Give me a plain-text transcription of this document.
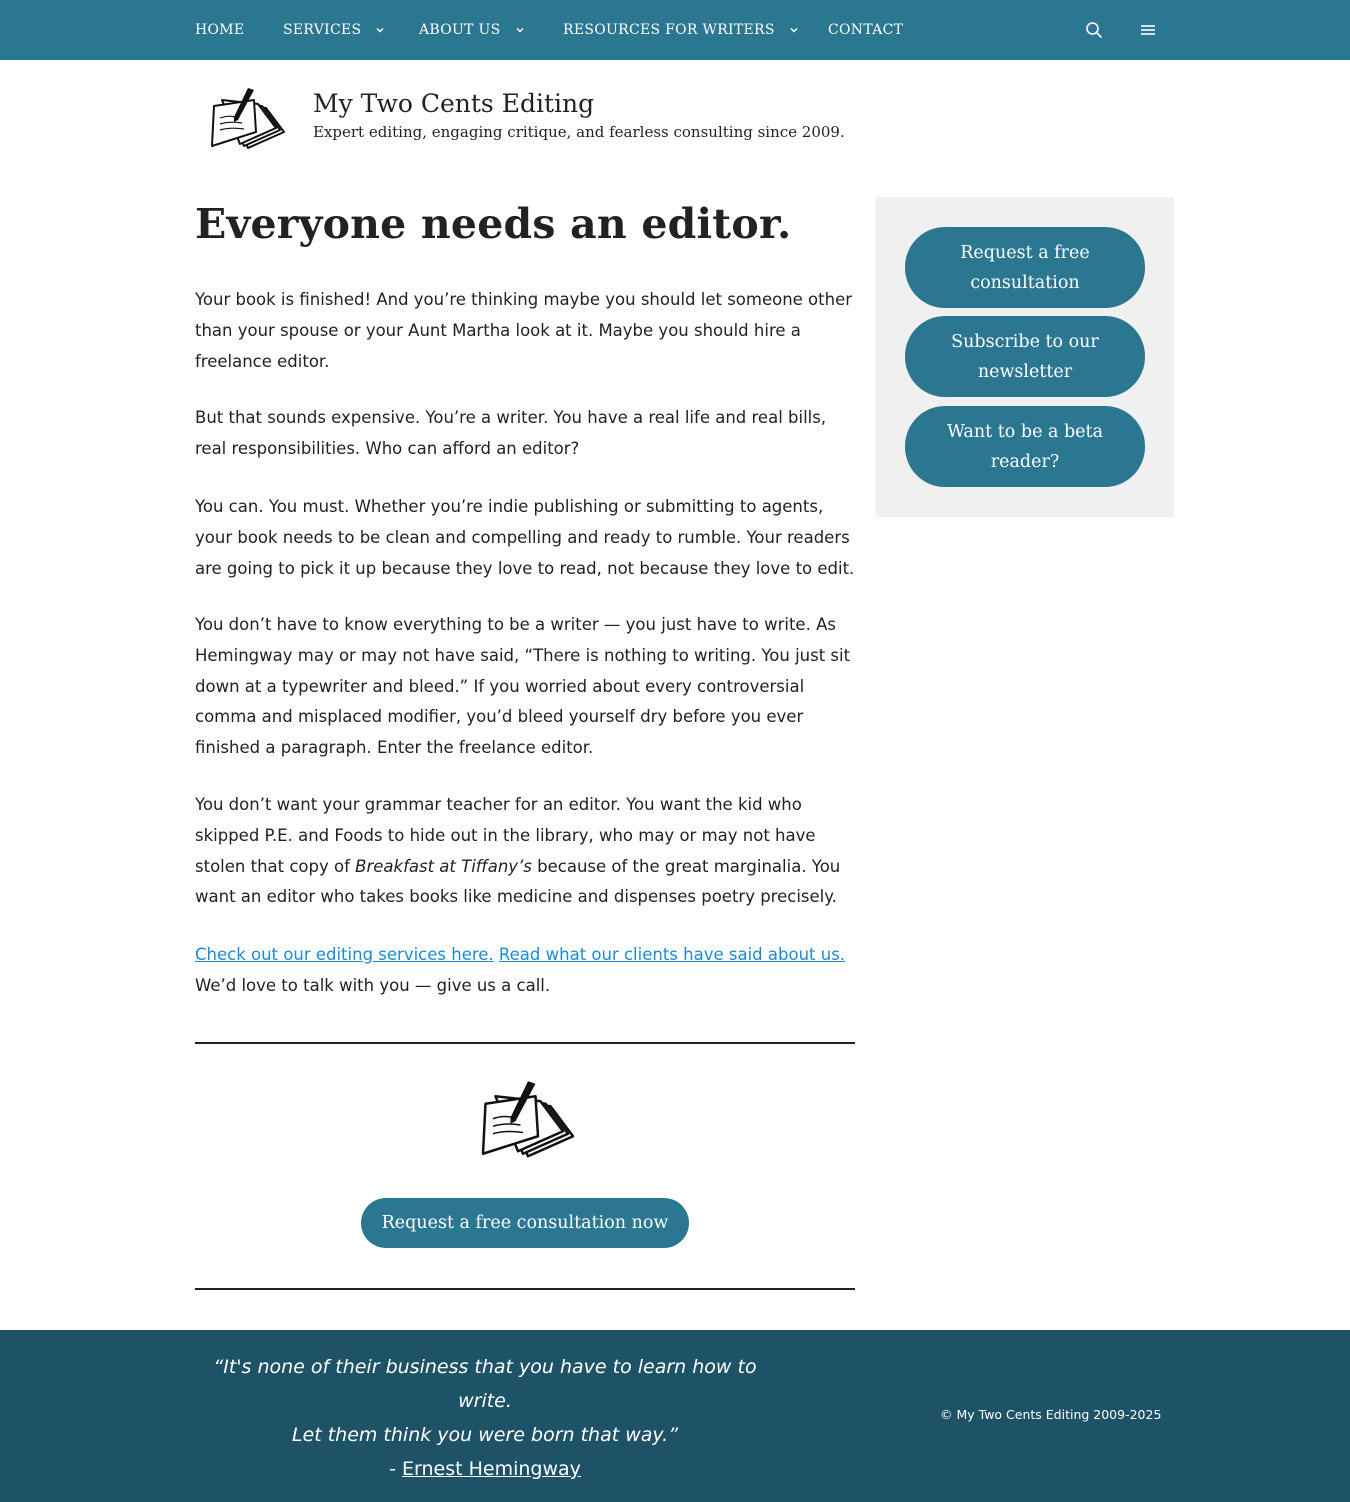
HOME	SERVICES	ABOUT US	RESOURCES FOR WRITERS	CONTACT
My Two Cents Editing
Expert editing, engaging critique, and fearless consulting since 2009.
Everyone needs an editor.

Your book is finished! And you’re thinking maybe you should let someone other than your spouse or your Aunt Martha look at it. Maybe you should hire a freelance editor.

But that sounds expensive. You’re a writer. You have a real life and real bills, real responsibilities. Who can afford an editor?

You can. You must. Whether you’re indie publishing or submitting to agents, your book needs to be clean and compelling and ready to rumble. Your readers are going to pick it up because they love to read, not because they love to edit.

You don’t have to know everything to be a writer — you just have to write. As Hemingway may or may not have said, “There is nothing to writing. You just sit down at a typewriter and bleed.” If you worried about every controversial comma and misplaced modifier, you’d bleed yourself dry before you ever finished a paragraph. Enter the freelance editor.

You don’t want your grammar teacher for an editor. You want the kid who skipped P.E. and Foods to hide out in the library, who may or may not have stolen that copy of Breakfast at Tiffany’s because of the great marginalia. You want an editor who takes books like medicine and dispenses poetry precisely.

Check out our editing services here. Read what our clients have said about us.
We’d love to talk with you — give us a call.

Request a free consultation now
Request a free consultation
Subscribe to our newsletter
Want to be a beta reader?
“It's none of their business that you have to learn how to write.
Let them think you were born that way.”
- Ernest Hemingway
© My Two Cents Editing 2009-2025
